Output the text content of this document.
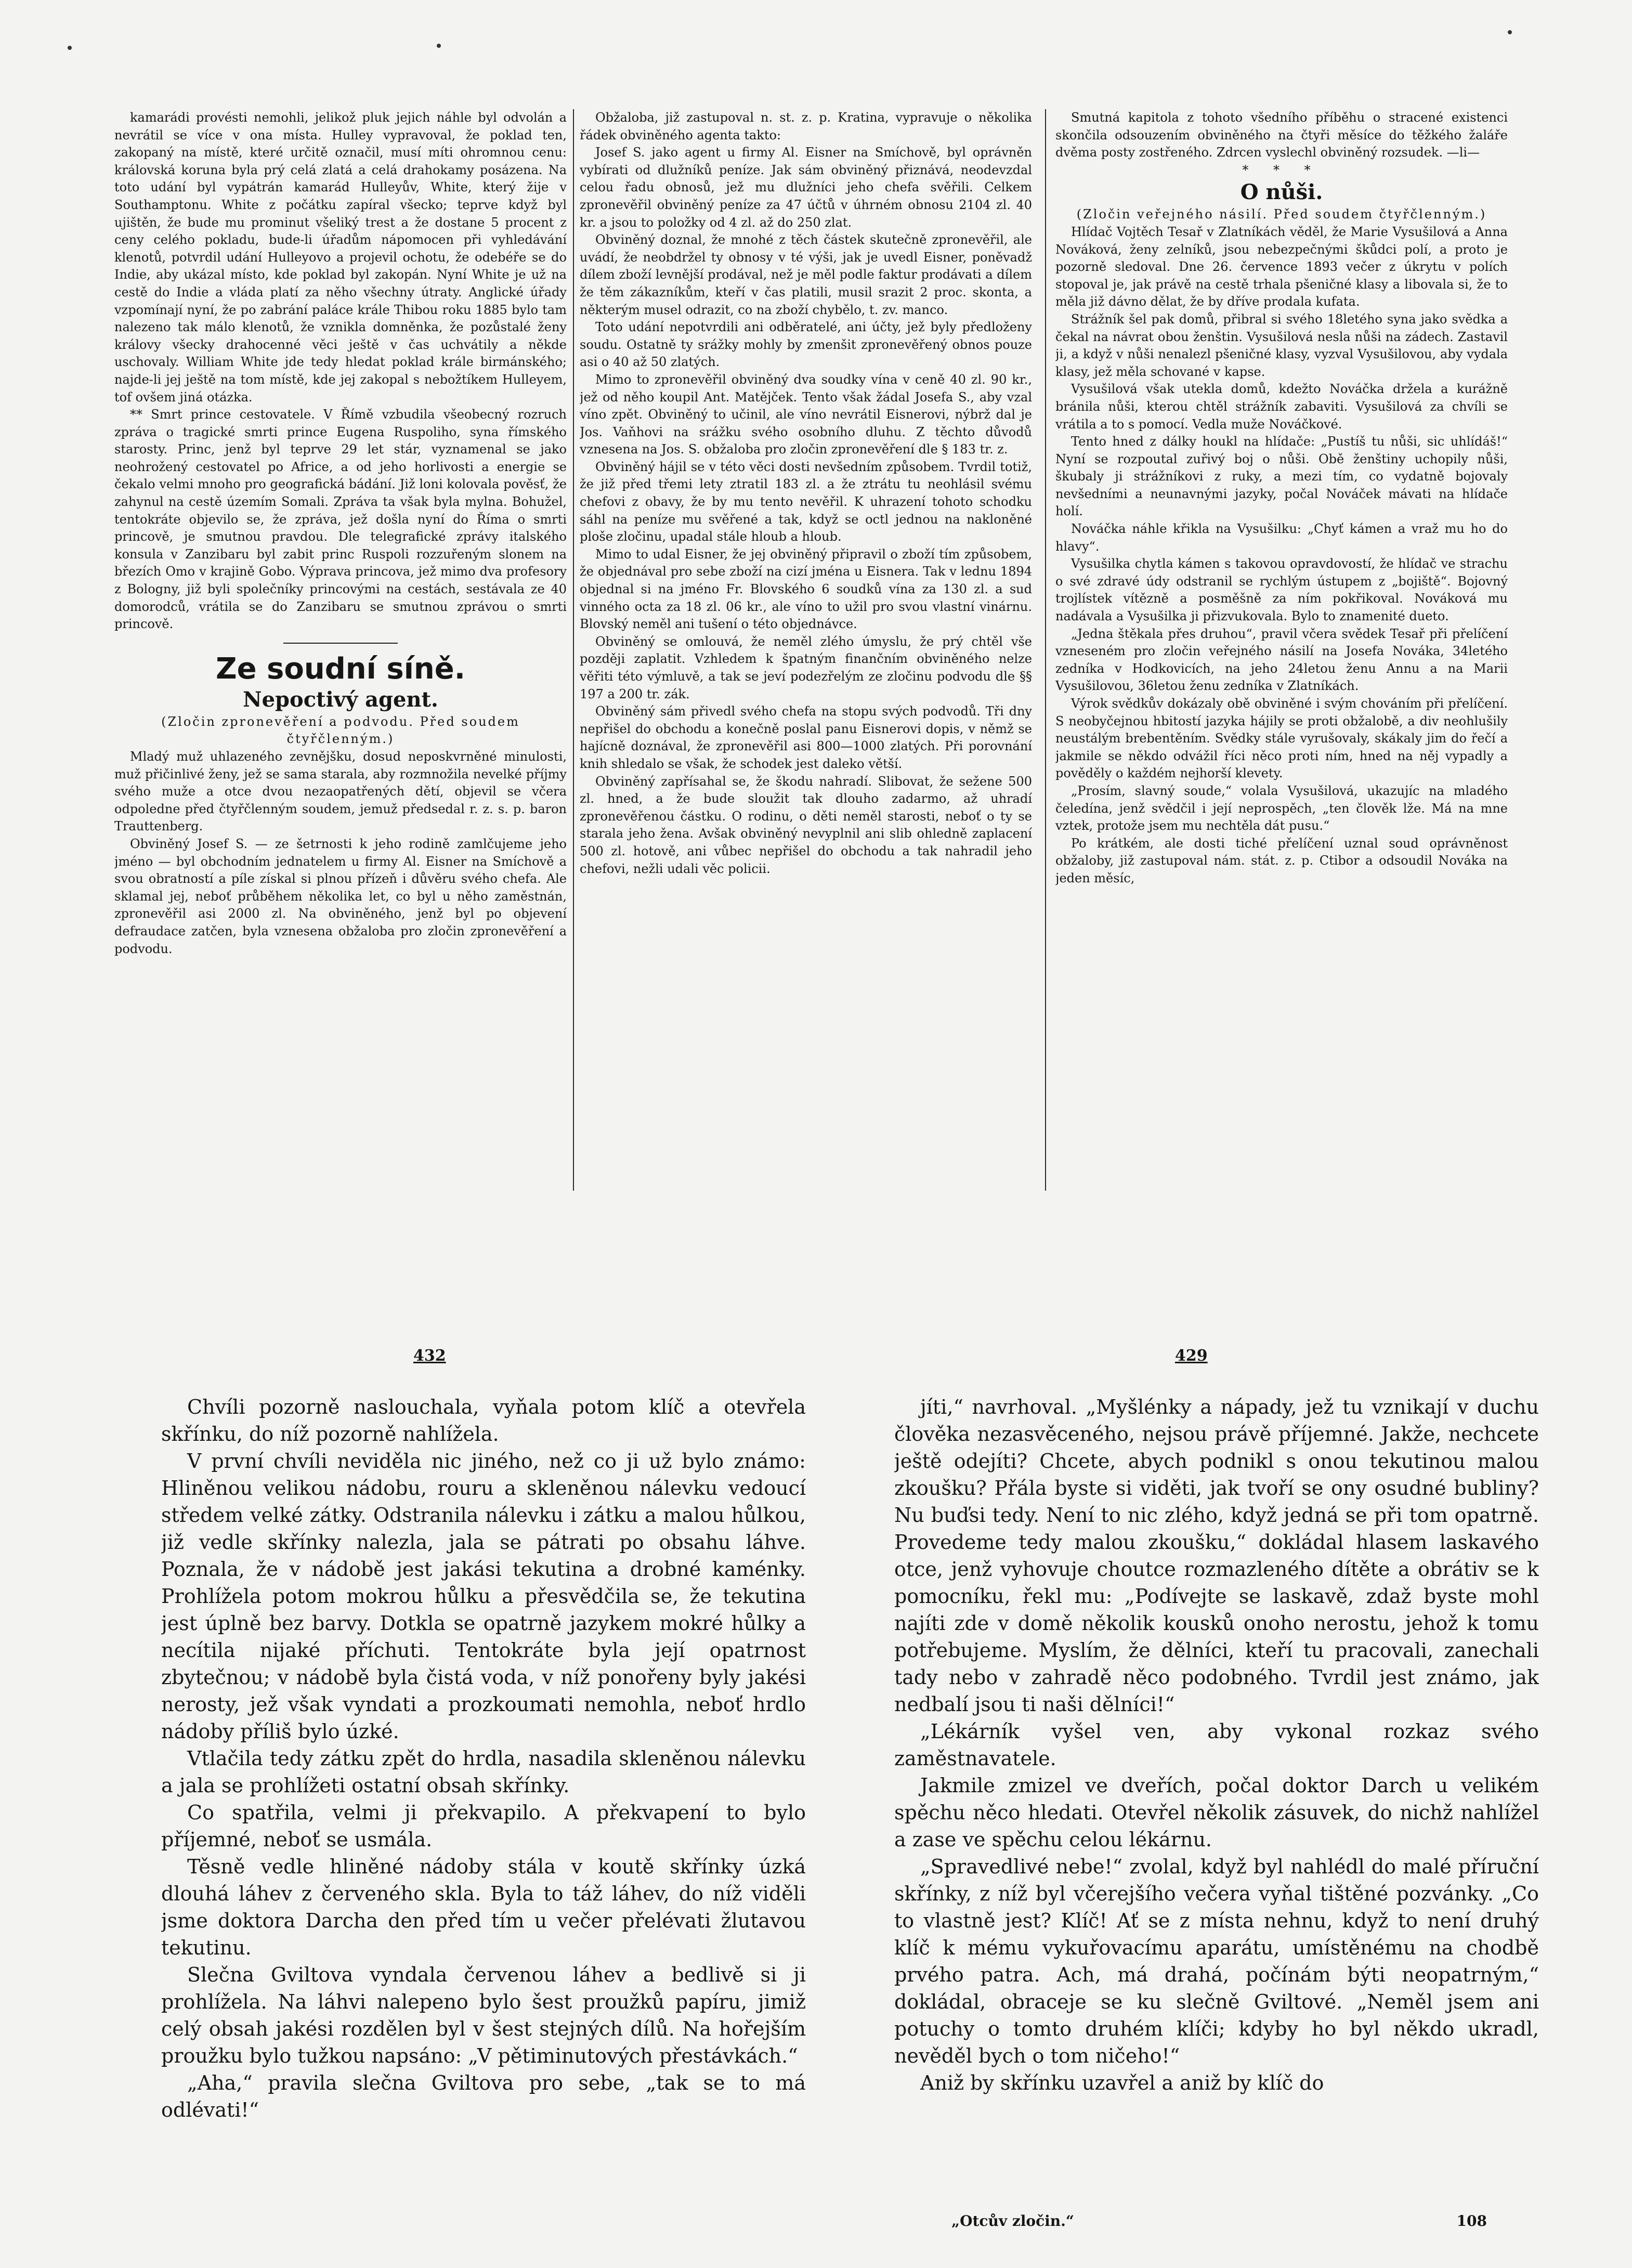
kamarádi provésti nemohli, jelikož pluk jejich náhle byl odvolán a nevrátil se více v ona místa. Hulley vypravoval, že poklad ten, zakopaný na místě, které určitě označil, musí míti ohromnou cenu: královská koruna byla prý celá zlatá a celá drahokamy posázena. Na toto udání byl vypátrán kamarád Hulleyův, White, který žije v Southamptonu. White z počátku zapíral všecko; teprve když byl ujištěn, že bude mu prominut všeliký trest a že dostane 5 procent z ceny celého pokladu, bude-li úřadům nápomocen při vyhledávání klenotů, potvrdil udání Hulleyovo a projevil ochotu, že odebéře se do Indie, aby ukázal místo, kde poklad byl zakopán. Nyní White je už na cestě do Indie a vláda platí za něho všechny útraty. Anglické úřady vzpomínají nyní, že po zabrání paláce krále Thibou roku 1885 bylo tam nalezeno tak málo klenotů, že vznikla domněnka, že pozůstalé ženy královy všecky drahocenné věci ještě v čas uchvátily a někde uschovaly. William White jde tedy hledat poklad krále birmánského; najde-li jej ještě na tom místě, kde jej zakopal s nebožtíkem Hulleyem, tof ovšem jiná otázka.

** Smrt prince cestovatele. V Římě vzbudila všeobecný rozruch zpráva o tragické smrti prince Eugena Ruspoliho, syna římského starosty. Princ, jenž byl teprve 29 let stár, vyznamenal se jako neohrožený cestovatel po Africe, a od jeho horlivosti a energie se čekalo velmi mnoho pro geografická bádání. Již loni kolovala pověsť, že zahynul na cestě územím Somali. Zpráva ta však byla mylna. Bohužel, tentokráte objevilo se, že zpráva, jež došla nyní do Říma o smrti princově, je smutnou pravdou. Dle telegrafické zprávy italského konsula v Zanzibaru byl zabit princ Ruspoli rozzuřeným slonem na březích Omo v krajině Gobo. Výprava princova, jež mimo dva profesory z Bologny, již byli společníky princovými na cestách, sestávala ze 40 domorodců, vrátila se do Zanzibaru se smutnou zprávou o smrti princově.

Ze soudní síně.
Nepoctivý agent.

(Zločin zpronevěření a podvodu. Před soudem čtyřčlenným.)

Mladý muž uhlazeného zevnějšku, dosud neposkvrněné minulosti, muž přičinlivé ženy, jež se sama starala, aby rozmnožila nevelké příjmy svého muže a otce dvou nezaopatřených dětí, objevil se včera odpoledne před čtyřčlenným soudem, jemuž předsedal r. z. s. p. baron Trauttenberg.

Obviněný Josef S. — ze šetrnosti k jeho rodině zamlčujeme jeho jméno — byl obchodním jednatelem u firmy Al. Eisner na Smíchově a svou obratností a píle získal si plnou přízeň i důvěru svého chefa. Ale sklamal jej, neboť průběhem několika let, co byl u něho zaměstnán, zpronevěřil asi 2000 zl. Na obviněného, jenž byl po objevení defraudace zatčen, byla vznesena obžaloba pro zločin zpronevěření a podvodu.

Obžaloba, již zastupoval n. st. z. p. Kratina, vypravuje o několika řádek obviněného agenta takto:

Josef S. jako agent u firmy Al. Eisner na Smíchově, byl oprávněn vybírati od dlužníků peníze. Jak sám obviněný přiznává, neodevzdal celou řadu obnosů, jež mu dlužníci jeho chefa svěřili. Celkem zpronevěřil obviněný peníze za 47 účtů v úhrném obnosu 2104 zl. 40 kr. a jsou to položky od 4 zl. až do 250 zlat.

Obviněný doznal, že mnohé z těch částek skutečně zpronevěřil, ale uvádí, že neobdržel ty obnosy v té výši, jak je uvedl Eisner, poněvadž dílem zboží levnější prodával, než je měl podle faktur prodávati a dílem že těm zákazníkům, kteří v čas platili, musil srazit 2 proc. skonta, a některým musel odrazit, co na zboží chybělo, t. zv. manco.

Toto udání nepotvrdili ani odběratelé, ani účty, jež byly předloženy soudu. Ostatně ty srážky mohly by zmenšit zpronevěřený obnos pouze asi o 40 až 50 zlatých.

Mimo to zpronevěřil obviněný dva soudky vína v ceně 40 zl. 90 kr., jež od něho koupil Ant. Matějček. Tento však žádal Josefa S., aby vzal víno zpět. Obviněný to učinil, ale víno nevrátil Eisnerovi, nýbrž dal je Jos. Vaňhovi na srážku svého osobního dluhu. Z těchto důvodů vznesena na Jos. S. obžaloba pro zločin zpronevěření dle § 183 tr. z.

Obviněný hájil se v této věci dosti nevšedním způsobem. Tvrdil totiž, že již před třemi lety ztratil 183 zl. a že ztrátu tu neohlásil svému chefovi z obavy, že by mu tento nevěřil. K uhrazení tohoto schodku sáhl na peníze mu svěřené a tak, když se octl jednou na nakloněné ploše zločinu, upadal stále hloub a hloub.

Mimo to udal Eisner, že jej obviněný připravil o zboží tím způsobem, že objednával pro sebe zboží na cizí jména u Eisnera. Tak v lednu 1894 objednal si na jméno Fr. Blovského 6 soudků vína za 130 zl. a sud vinného octa za 18 zl. 06 kr., ale víno to užil pro svou vlastní vinárnu. Blovský neměl ani tušení o této objednávce.

Obviněný se omlouvá, že neměl zlého úmyslu, že prý chtěl vše později zaplatit. Vzhledem k špatným finančním obviněného nelze věřiti této výmluvě, a tak se jeví podezřelým ze zločinu podvodu dle §§ 197 a 200 tr. zák.

Obviněný sám přivedl svého chefa na stopu svých podvodů. Tři dny nepřišel do obchodu a konečně poslal panu Eisnerovi dopis, v němž se hajícně doznával, že zpronevěřil asi 800—1000 zlatých. Při porovnání knih shledalo se však, že schodek jest daleko větší.

Obviněný zapřísahal se, že škodu nahradí. Slibovat, že sežene 500 zl. hned, a že bude sloužit tak dlouho zadarmo, až uhradí zpronevěřenou částku. O rodinu, o děti neměl starosti, neboť o ty se starala jeho žena. Avšak obviněný nevyplnil ani slib ohledně zaplacení 500 zl. hotově, ani vůbec nepřišel do obchodu a tak nahradil jeho chefovi, nežli udali věc policii.

Smutná kapitola z tohoto všedního příběhu o stracené existenci skončila odsouzením obviněného na čtyři měsíce do těžkého žaláře dvěma posty zostřeného. Zdrcen vyslechl obviněný rozsudek. —li—

* * *

O nůši.

(Zločin veřejného násilí. Před soudem čtyřčlenným.)

Hlídač Vojtěch Tesař v Zlatníkách věděl, že Marie Vysušilová a Anna Nováková, ženy zelníků, jsou nebezpečnými škůdci polí, a proto je pozorně sledoval. Dne 26. července 1893 večer z úkrytu v polích stopoval je, jak právě na cestě trhala pšeničné klasy a libovala si, že to měla již dávno dělat, že by dříve prodala kufata.

Strážník šel pak domů, přibral si svého 18letého syna jako svědka a čekal na návrat obou ženštin. Vysušilová nesla nůši na zádech. Zastavil ji, a když v nůši nenalezl pšeničné klasy, vyzval Vysušilovou, aby vydala klasy, jež měla schované v kapse.

Vysušilová však utekla domů, kdežto Nováčka držela a kurážně bránila nůši, kterou chtěl strážník zabaviti. Vysušilová za chvíli se vrátila a to s pomocí. Vedla muže Nováčkové.

Tento hned z dálky houkl na hlídače: „Pustíš tu nůši, sic uhlídáš!“ Nyní se rozpoutal zuřivý boj o nůši. Obě ženštiny uchopily nůši, škubaly ji strážníkovi z ruky, a mezi tím, co vydatně bojovaly nevšedními a neunavnými jazyky, počal Nováček mávati na hlídače holí.

Nováčka náhle křikla na Vysušilku: „Chyť kámen a vraž mu ho do hlavy“.

Vysušilka chytla kámen s takovou opravdovostí, že hlídač ve strachu o své zdravé údy odstranil se rychlým ústupem z „bojiště“. Bojovný trojlístek vítězně a posměšně za ním pokřikoval. Nováková mu nadávala a Vysušilka ji přizvukovala. Bylo to znamenité dueto.

„Jedna štěkala přes druhou“, pravil včera svědek Tesař při přelíčení vzneseném pro zločin veřejného násilí na Josefa Nováka, 34letého zedníka v Hodkovicích, na jeho 24letou ženu Annu a na Marii Vysušilovou, 36letou ženu zedníka v Zlatníkách.

Výrok svědkův dokázaly obě obviněné i svým chováním při přelíčení. S neobyčejnou hbitostí jazyka hájily se proti obžalobě, a div neohlušily neustálým brebentěním. Svědky stále vyrušovaly, skákaly jim do řečí a jakmile se někdo odvážil říci něco proti ním, hned na něj vypadly a pověděly o každém nejhorší klevety.

„Prosím, slavný soude,“ volala Vysušilová, ukazujíc na mladého čeledína, jenž svědčil i její neprospěch, „ten člověk lže. Má na mne vztek, protože jsem mu nechtěla dát pusu.“

Po krátkém, ale dosti tiché přelíčení uznal soud oprávněnost obžaloby, již zastupoval nám. stát. z. p. Ctibor a odsoudil Nováka na jeden měsíc,

432	429

Chvíli pozorně naslouchala, vyňala potom klíč a otevřela skřínku, do níž pozorně nahlížela.

V první chvíli neviděla nic jiného, než co ji už bylo známo: Hliněnou velikou nádobu, rouru a skleněnou nálevku vedoucí středem velké zátky. Odstranila nálevku i zátku a malou hůlkou, již vedle skřínky nalezla, jala se pátrati po obsahu láhve. Poznala, že v nádobě jest jakási tekutina a drobné kaménky. Prohlížela potom mokrou hůlku a přesvědčila se, že tekutina jest úplně bez barvy. Dotkla se opatrně jazykem mokré hůlky a necítila nijaké příchuti. Tentokráte byla její opatrnost zbytečnou; v nádobě byla čistá voda, v níž ponořeny byly jakési nerosty, jež však vyndati a prozkoumati nemohla, neboť hrdlo nádoby příliš bylo úzké.

Vtlačila tedy zátku zpět do hrdla, nasadila skleněnou nálevku a jala se prohlížeti ostatní obsah skřínky.

Co spatřila, velmi ji překvapilo. A překvapení to bylo příjemné, neboť se usmála.

Těsně vedle hliněné nádoby stála v koutě skřínky úzká dlouhá láhev z červeného skla. Byla to táž láhev, do níž viděli jsme doktora Darcha den před tím u večer přelévati žlutavou tekutinu.

Slečna Gviltova vyndala červenou láhev a bedlivě si ji prohlížela. Na láhvi nalepeno bylo šest proužků papíru, jimiž celý obsah jakési rozdělen byl v šest stejných dílů. Na hořejším proužku bylo tužkou napsáno: „V pětiminutových přestávkách.“

„Aha,“ pravila slečna Gviltova pro sebe, „tak se to má odlévati!“

jíti,“ navrhoval. „Myšlénky a nápady, jež tu vznikají v duchu člověka nezasvěceného, nejsou právě příjemné. Jakže, nechcete ještě odejíti? Chcete, abych podnikl s onou tekutinou malou zkoušku? Přála byste si viděti, jak tvoří se ony osudné bubliny? Nu buďsi tedy. Není to nic zlého, když jedná se při tom opatrně. Provedeme tedy malou zkoušku,“ dokládal hlasem laskavého otce, jenž vyhovuje choutce rozmazleného dítěte a obrátiv se k pomocníku, řekl mu: „Podívejte se laskavě, zdaž byste mohl najíti zde v domě několik kousků onoho nerostu, jehož k tomu potřebujeme. Myslím, že dělníci, kteří tu pracovali, zanechali tady nebo v zahradě něco podobného. Tvrdil jest známo, jak nedbalí jsou ti naši dělníci!“

„Lékárník vyšel ven, aby vykonal rozkaz svého zaměstnavatele.

Jakmile zmizel ve dveřích, počal doktor Darch u velikém spěchu něco hledati. Otevřel několik zásuvek, do nichž nahlížel a zase ve spěchu celou lékárnu.

„Spravedlivé nebe!“ zvolal, když byl nahlédl do malé příruční skřínky, z níž byl včerejšího večera vyňal tištěné pozvánky. „Co to vlastně jest? Klíč! Ať se z místa nehnu, když to není druhý klíč k mému vykuřovacímu aparátu, umístěnému na chodbě prvého patra. Ach, má drahá, počínám býti neopatrným,“ dokládal, obraceje se ku slečně Gviltové. „Neměl jsem ani potuchy o tomto druhém klíči; kdyby ho byl někdo ukradl, nevěděl bych o tom ničeho!“

Aniž by skřínku uzavřel a aniž by klíč do

„Otcův zločin.“	108
